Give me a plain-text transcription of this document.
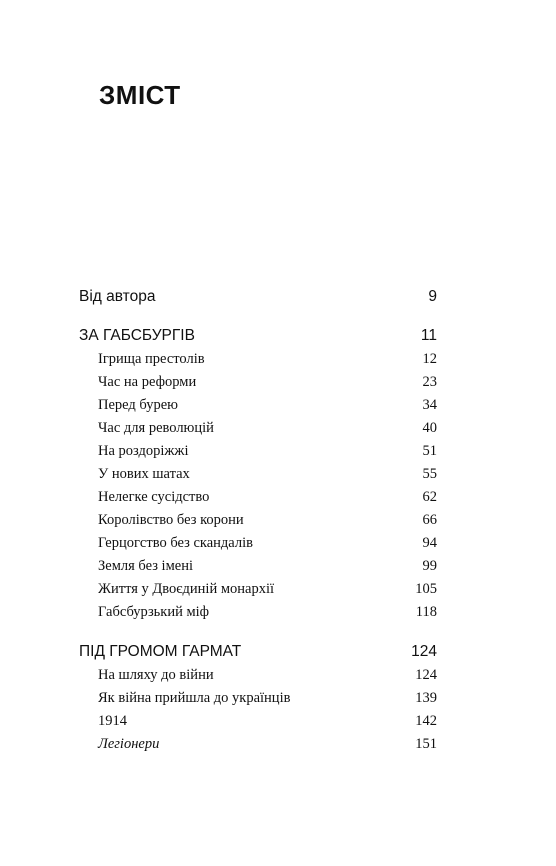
ЗМІСТ
Від автора	9
ЗА ГАБСБУРГІВ	11
Ігрища престолів	12
Час на реформи	23
Перед бурею	34
Час для революцій	40
На роздоріжжі	51
У нових шатах	55
Нелегке сусідство	62
Королівство без корони	66
Герцогство без скандалів	94
Земля без імені	99
Життя у Двоєдиній монархії	105
Габсбурзький міф	118
ПІД ГРОМОМ ГАРМАТ	124
На шляху до війни	124
Як війна прийшла до українців	139
1914	142
Легіонери	151
